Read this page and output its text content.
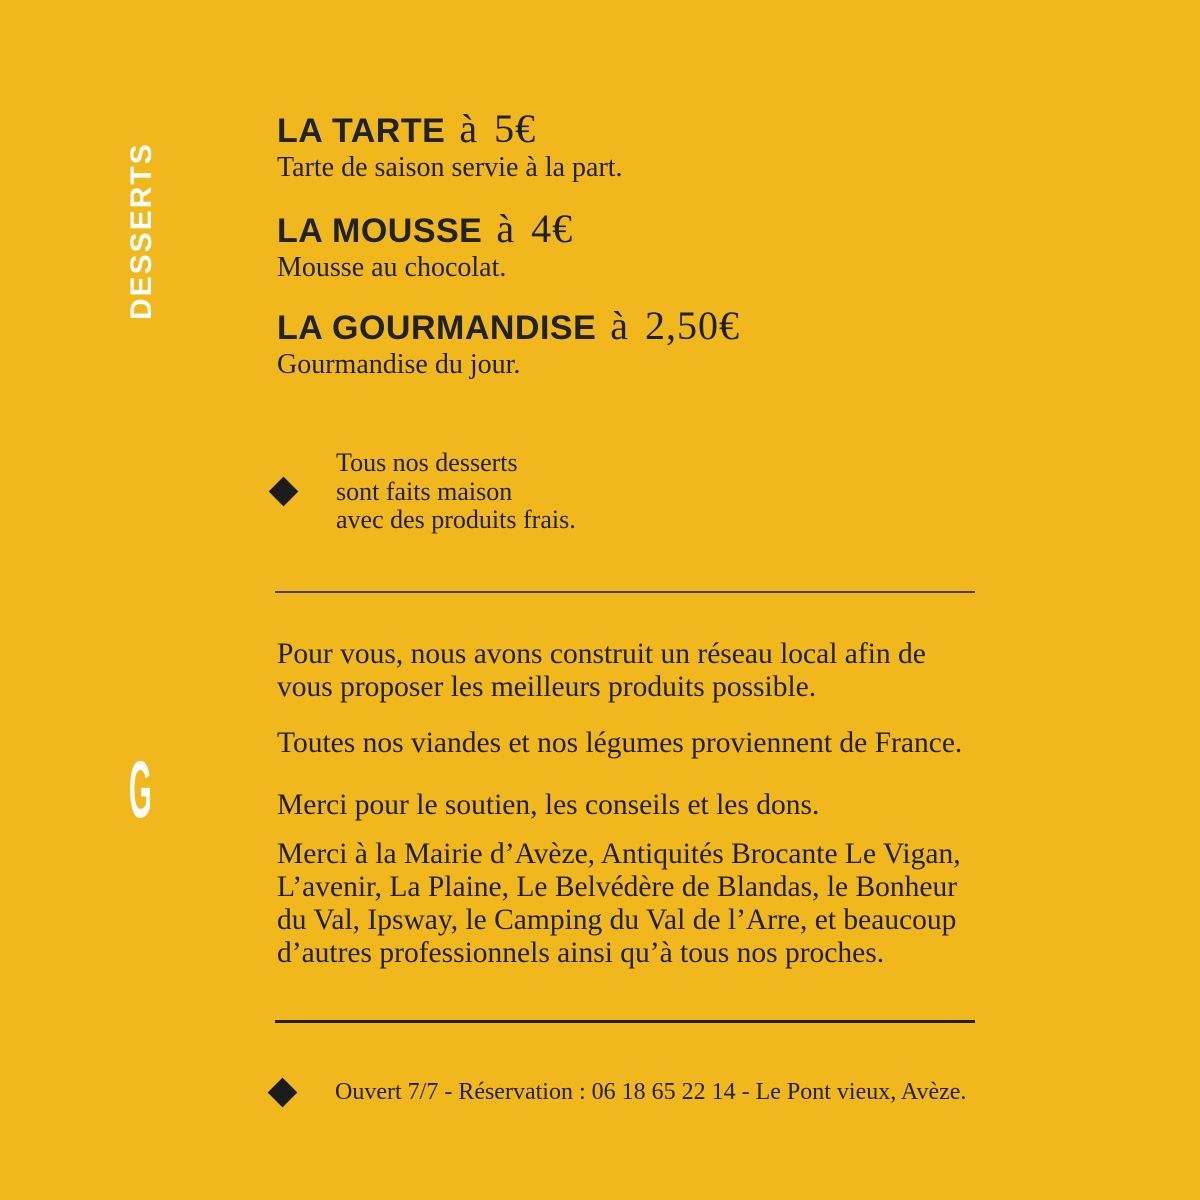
DESSERTS
G
LA TARTE à 5€
Tarte de saison servie à la part.
LA MOUSSE à 4€
Mousse au chocolat.
LA GOURMANDISE à 2,50€
Gourmandise du jour.
Tous nos desserts
sont faits maison
avec des produits frais.

Pour vous, nous avons construit un réseau local afin de vous proposer les meilleurs produits possible.

Toutes nos viandes et nos légumes proviennent de France.

Merci pour le soutien, les conseils et les dons.

Merci à la Mairie d’Avèze, Antiquités Brocante Le Vigan, L’avenir, La Plaine, Le Belvédère de Blandas, le Bonheur du Val, Ipsway, le Camping du Val de l’Arre, et beaucoup d’autres professionnels ainsi qu’à tous nos proches.

Ouvert 7/7 - Réservation : 06 18 65 22 14 - Le Pont vieux, Avèze.
